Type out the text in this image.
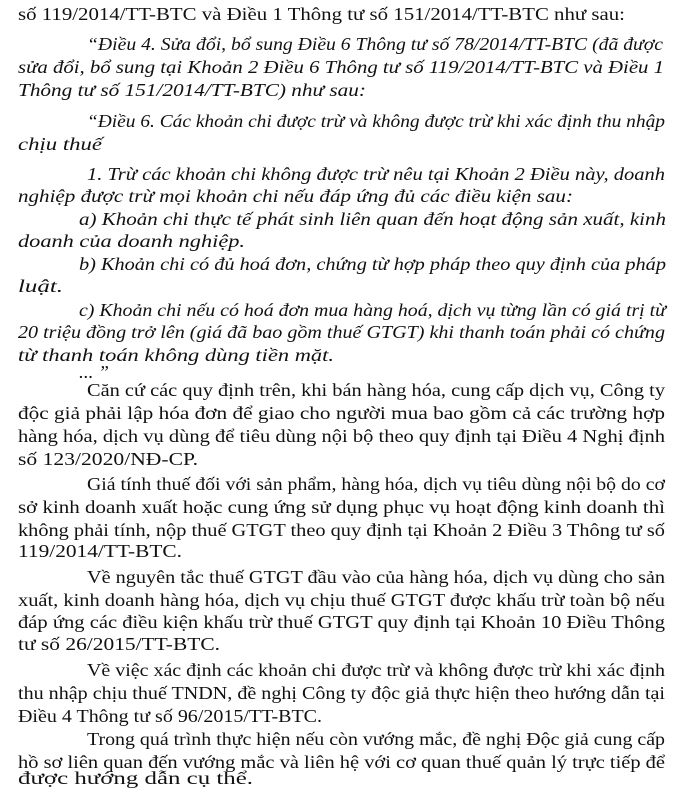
số 119/2014/TT-BTC và Điều 1 Thông tư số 151/2014/TT-BTC như sau:
“Điều 4. Sửa đổi, bổ sung Điều 6 Thông tư số 78/2014/TT-BTC (đã được
sửa đổi, bổ sung tại Khoản 2 Điều 6 Thông tư số 119/2014/TT-BTC và Điều 1
Thông tư số 151/2014/TT-BTC) như sau:
“Điều 6. Các khoản chi được trừ và không được trừ khi xác định thu nhập
chịu thuế
1. Trừ các khoản chi không được trừ nêu tại Khoản 2 Điều này, doanh
nghiệp được trừ mọi khoản chi nếu đáp ứng đủ các điều kiện sau:
a) Khoản chi thực tế phát sinh liên quan đến hoạt động sản xuất, kinh
doanh của doanh nghiệp.
b) Khoản chi có đủ hoá đơn, chứng từ hợp pháp theo quy định của pháp
luật.
c) Khoản chi nếu có hoá đơn mua hàng hoá, dịch vụ từng lần có giá trị từ
20 triệu đồng trở lên (giá đã bao gồm thuế GTGT) khi thanh toán phải có chứng
từ thanh toán không dùng tiền mặt.
... ”
Căn cứ các quy định trên, khi bán hàng hóa, cung cấp dịch vụ, Công ty
độc giả phải lập hóa đơn để giao cho người mua bao gồm cả các trường hợp
hàng hóa, dịch vụ dùng để tiêu dùng nội bộ theo quy định tại Điều 4 Nghị định
số 123/2020/NĐ-CP.
Giá tính thuế đối với sản phẩm, hàng hóa, dịch vụ tiêu dùng nội bộ do cơ
sở kinh doanh xuất hoặc cung ứng sử dụng phục vụ hoạt động kinh doanh thì
không phải tính, nộp thuế GTGT theo quy định tại Khoản 2 Điều 3 Thông tư số
119/2014/TT-BTC.
Về nguyên tắc thuế GTGT đầu vào của hàng hóa, dịch vụ dùng cho sản
xuất, kinh doanh hàng hóa, dịch vụ chịu thuế GTGT được khấu trừ toàn bộ nếu
đáp ứng các điều kiện khấu trừ thuế GTGT quy định tại Khoản 10 Điều Thông
tư số 26/2015/TT-BTC.
Về việc xác định các khoản chi được trừ và không được trừ khi xác định
thu nhập chịu thuế TNDN, đề nghị Công ty độc giả thực hiện theo hướng dẫn tại
Điều 4 Thông tư số 96/2015/TT-BTC.
Trong quá trình thực hiện nếu còn vướng mắc, đề nghị Độc giả cung cấp
hồ sơ liên quan đến vướng mắc và liên hệ với cơ quan thuế quản lý trực tiếp để
được hướng dẫn cụ thể.
